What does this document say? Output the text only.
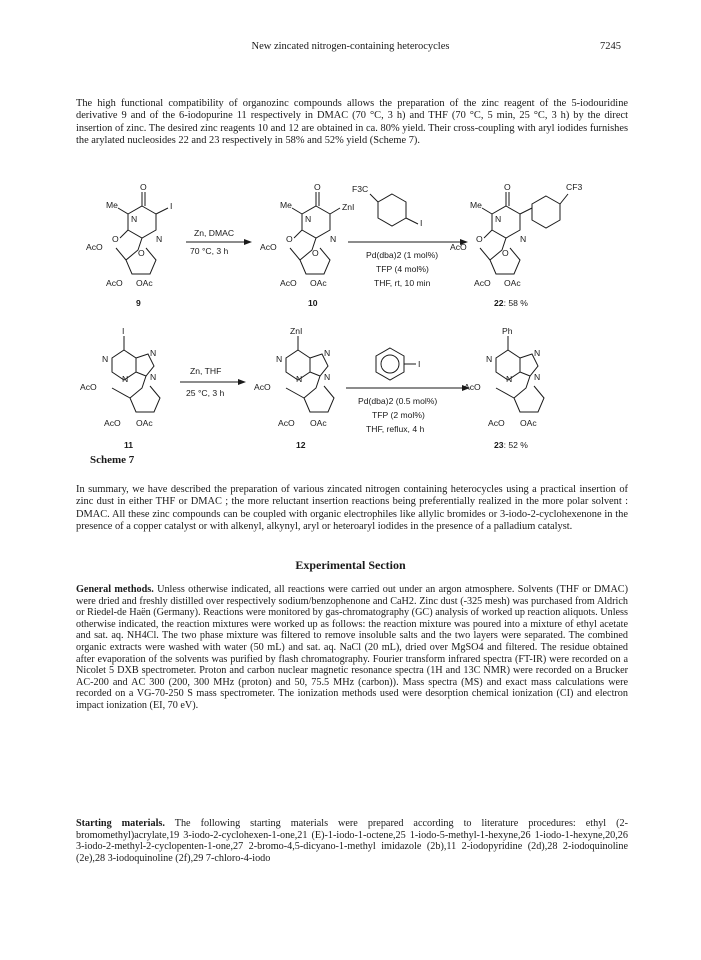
New zincated nitrogen-containing heterocycles	7245

The high functional compatibility of organozinc compounds allows the preparation of the zinc reagent of the 5-iodouridine derivative 9 and of the 6-iodopurine 11 respectively in DMAC (70 °C, 3 h) and THF (70 °C, 5 min, 25 °C, 3 h) by the direct insertion of zinc. The desired zinc reagents 10 and 12 are obtained in ca. 80% yield. Their cross-coupling with aryl iodides furnishes the arylated nucleosides 22 and 23 respectively in 58% and 52% yield (Scheme 7).

O
Me	I
N
O	N
AcO
O
AcO OAc
9
Zn, DMAC
70 °C, 3 h
O
Me	ZnI
N
O	N
AcO
O
AcO OAc
10
F3C
I
Pd(dba)2 (1 mol%)
TFP (4 mol%)
THF, rt, 10 min
O	CF3
Me
N
O	N
AcO
O
AcO OAc
22: 58 %
I
N
N
N	N
AcO
AcO OAc
11
Zn, THF
25 °C, 3 h
ZnI
N
N
N	N
AcO
AcO OAc
12
I
Pd(dba)2 (0.5 mol%)
TFP (2 mol%)
THF, reflux, 4 h
Ph
N
N
N	N
AcO
AcO OAc
23: 52 %
Scheme 7

In summary, we have described the preparation of various zincated nitrogen containing heterocycles using a practical insertion of zinc dust in either THF or DMAC ; the more reluctant insertion reactions being preferentially realized in the more polar solvent : DMAC. All these zinc compounds can be coupled with organic electrophiles like allylic bromides or 3-iodo-2-cyclohexenone in the presence of a copper catalyst or with alkenyl, alkynyl, aryl or heteroaryl iodides in the presence of a palladium catalyst.

Experimental Section

General methods. Unless otherwise indicated, all reactions were carried out under an argon atmosphere. Solvents (THF or DMAC) were dried and freshly distilled over respectively sodium/benzophenone and CaH2. Zinc dust (-325 mesh) was purchased from Aldrich or Riedel-de Haën (Germany). Reactions were monitored by gas-chromatography (GC) analysis of worked up reaction aliquots. Unless otherwise indicated, the reaction mixtures were worked up as follows: the reaction mixture was poured into a mixture of ethyl acetate and sat. aq. NH4Cl. The two phase mixture was filtered to remove insoluble salts and the two layers were separated. The combined organic extracts were washed with water (50 mL) and sat. aq. NaCl (20 mL), dried over MgSO4 and filtered. The residue obtained after evaporation of the solvents was purified by flash chromatography. Fourier transform infrared spectra (FT-IR) were recorded on a Nicolet 5 DXB spectrometer. Proton and carbon nuclear magnetic resonance spectra (1H and 13C NMR) were recorded on a Brucker AC-200 and AC 300 (200, 300 MHz (proton) and 50, 75.5 MHz (carbon)). Mass spectra (MS) and exact mass calculations were recorded on a VG-70-250 S mass spectrometer. The ionization methods used were desorption chemical ionization (CI) and electron impact ionization (EI, 70 eV).

Starting materials. The following starting materials were prepared according to literature procedures: ethyl (2-bromomethyl)acrylate,19 3-iodo-2-cyclohexen-1-one,21 (E)-1-iodo-1-octene,25 1-iodo-5-methyl-1-hexyne,26 1-iodo-1-hexyne,20,26 3-iodo-2-methyl-2-cyclopenten-1-one,27 2-bromo-4,5-dicyano-1-methyl imidazole (2b),11 2-iodopyridine (2d),28 2-iodoquinoline (2e),28 3-iodoquinoline (2f),29 7-chloro-4-iodo
